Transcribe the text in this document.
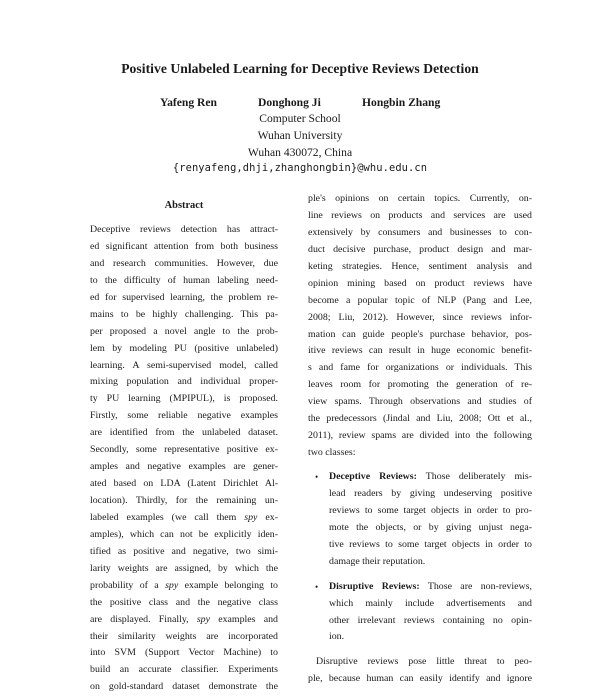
Positive Unlabeled Learning for Deceptive Reviews Detection
Yafeng Ren	Donghong Ji	Hongbin Zhang
Computer School
Wuhan University
Wuhan 430072, China
{renyafeng,dhji,zhanghongbin}@whu.edu.cn
Abstract
Deceptive reviews detection has attract-
ed significant attention from both business
and research communities. However, due
to the difficulty of human labeling need-
ed for supervised learning, the problem re-
mains to be highly challenging. This pa-
per proposed a novel angle to the prob-
lem by modeling PU (positive unlabeled)
learning. A semi-supervised model, called
mixing population and individual proper-
ty PU learning (MPIPUL), is proposed.
Firstly, some reliable negative examples
are identified from the unlabeled dataset.
Secondly, some representative positive ex-
amples and negative examples are gener-
ated based on LDA (Latent Dirichlet Al-
location). Thirdly, for the remaining un-
labeled examples (we call them spy ex-
amples), which can not be explicitly iden-
tified as positive and negative, two simi-
larity weights are assigned, by which the
probability of a spy example belonging to
the positive class and the negative class
are displayed. Finally, spy examples and
their similarity weights are incorporated
into SVM (Support Vector Machine) to
build an accurate classifier. Experiments
on gold-standard dataset demonstrate the
ple's opinions on certain topics. Currently, on-
line reviews on products and services are used
extensively by consumers and businesses to con-
duct decisive purchase, product design and mar-
keting strategies. Hence, sentiment analysis and
opinion mining based on product reviews have
become a popular topic of NLP (Pang and Lee,
2008; Liu, 2012). However, since reviews infor-
mation can guide people's purchase behavior, pos-
itive reviews can result in huge economic benefit-
s and fame for organizations or individuals. This
leaves room for promoting the generation of re-
view spams. Through observations and studies of
the predecessors (Jindal and Liu, 2008; Ott et al.,
2011), review spams are divided into the following
two classes:
• Deceptive Reviews: Those deliberately mis-
lead readers by giving undeserving positive
reviews to some target objects in order to pro-
mote the objects, or by giving unjust nega-
tive reviews to some target objects in order to
damage their reputation.
• Disruptive Reviews: Those are non-reviews,
which mainly include advertisements and
other irrelevant reviews containing no opin-
ion.
Disruptive reviews pose little threat to peo-
ple, because human can easily identify and ignore
